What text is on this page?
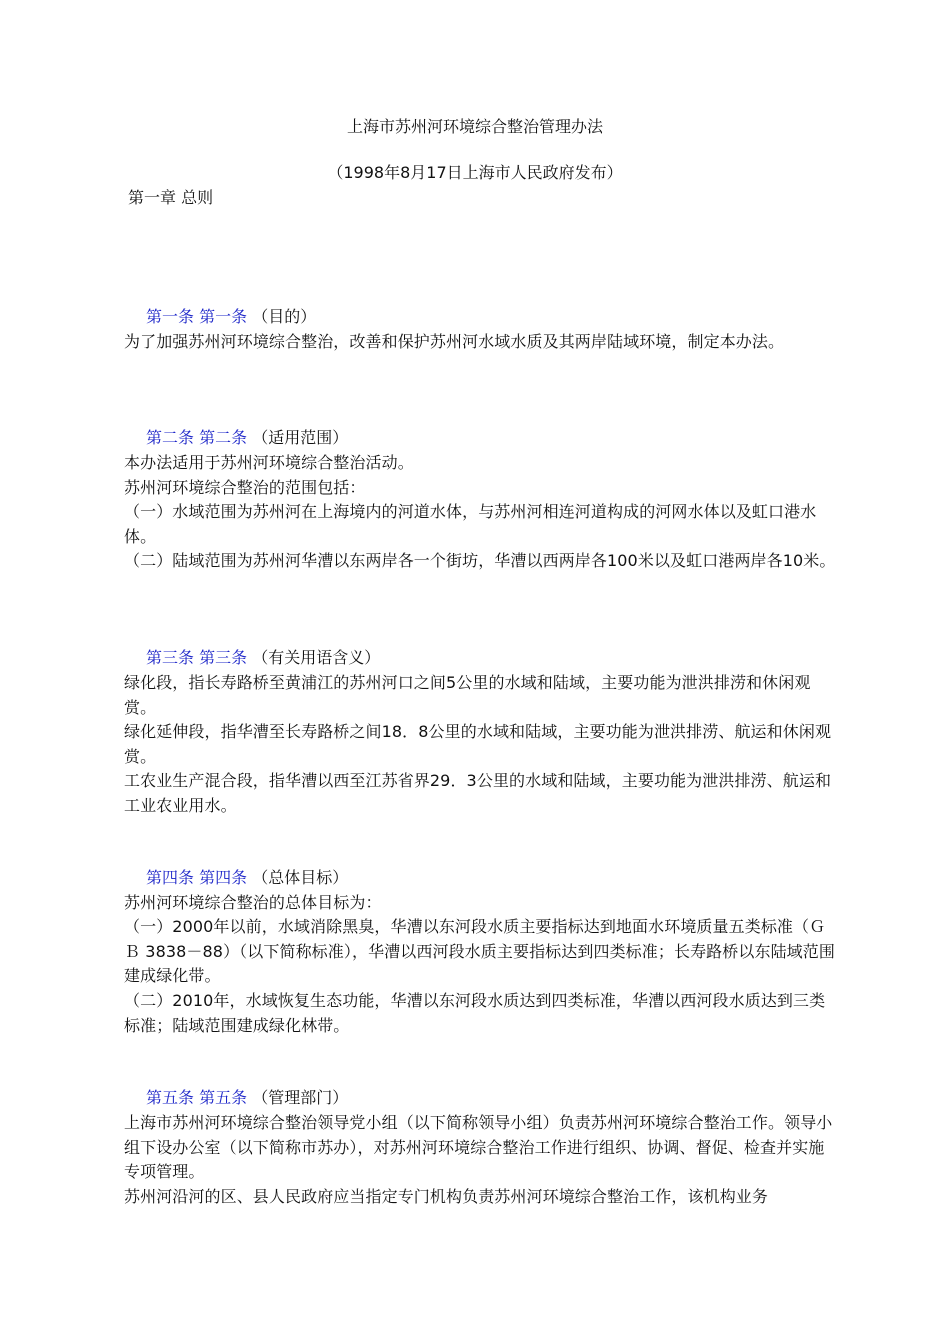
上海市苏州河环境综合整治管理办法
（1998年8月17日上海市人民政府发布）
第一章 总则
第一条 第一条 （目的）
为了加强苏州河环境综合整治，改善和保护苏州河水域水质及其两岸陆域环境，制定本办法。
第二条 第二条 （适用范围）
本办法适用于苏州河环境综合整治活动。
苏州河环境综合整治的范围包括：
（一）水域范围为苏州河在上海境内的河道水体，与苏州河相连河道构成的河网水体以及虹口港水体。
（二）陆域范围为苏州河华漕以东两岸各一个街坊，华漕以西两岸各100米以及虹口港两岸各10米。
第三条 第三条 （有关用语含义）
绿化段，指长寿路桥至黄浦江的苏州河口之间5公里的水域和陆域，主要功能为泄洪排涝和休闲观赏。
绿化延伸段，指华漕至长寿路桥之间18．8公里的水域和陆域，主要功能为泄洪排涝、航运和休闲观赏。
工农业生产混合段，指华漕以西至江苏省界29．3公里的水域和陆域，主要功能为泄洪排涝、航运和工业农业用水。
第四条 第四条 （总体目标）
苏州河环境综合整治的总体目标为：
（一）2000年以前，水域消除黑臭，华漕以东河段水质主要指标达到地面水环境质量五类标准（ＧＢ 3838－88）（以下简称标准），华漕以西河段水质主要指标达到四类标准；长寿路桥以东陆域范围建成绿化带。
（二）2010年，水域恢复生态功能，华漕以东河段水质达到四类标准，华漕以西河段水质达到三类标准；陆域范围建成绿化林带。
第五条 第五条 （管理部门）
上海市苏州河环境综合整治领导党小组（以下简称领导小组）负责苏州河环境综合整治工作。领导小组下设办公室（以下简称市苏办），对苏州河环境综合整治工作进行组织、协调、督促、检查并实施专项管理。
苏州河沿河的区、县人民政府应当指定专门机构负责苏州河环境综合整治工作，该机构业务
